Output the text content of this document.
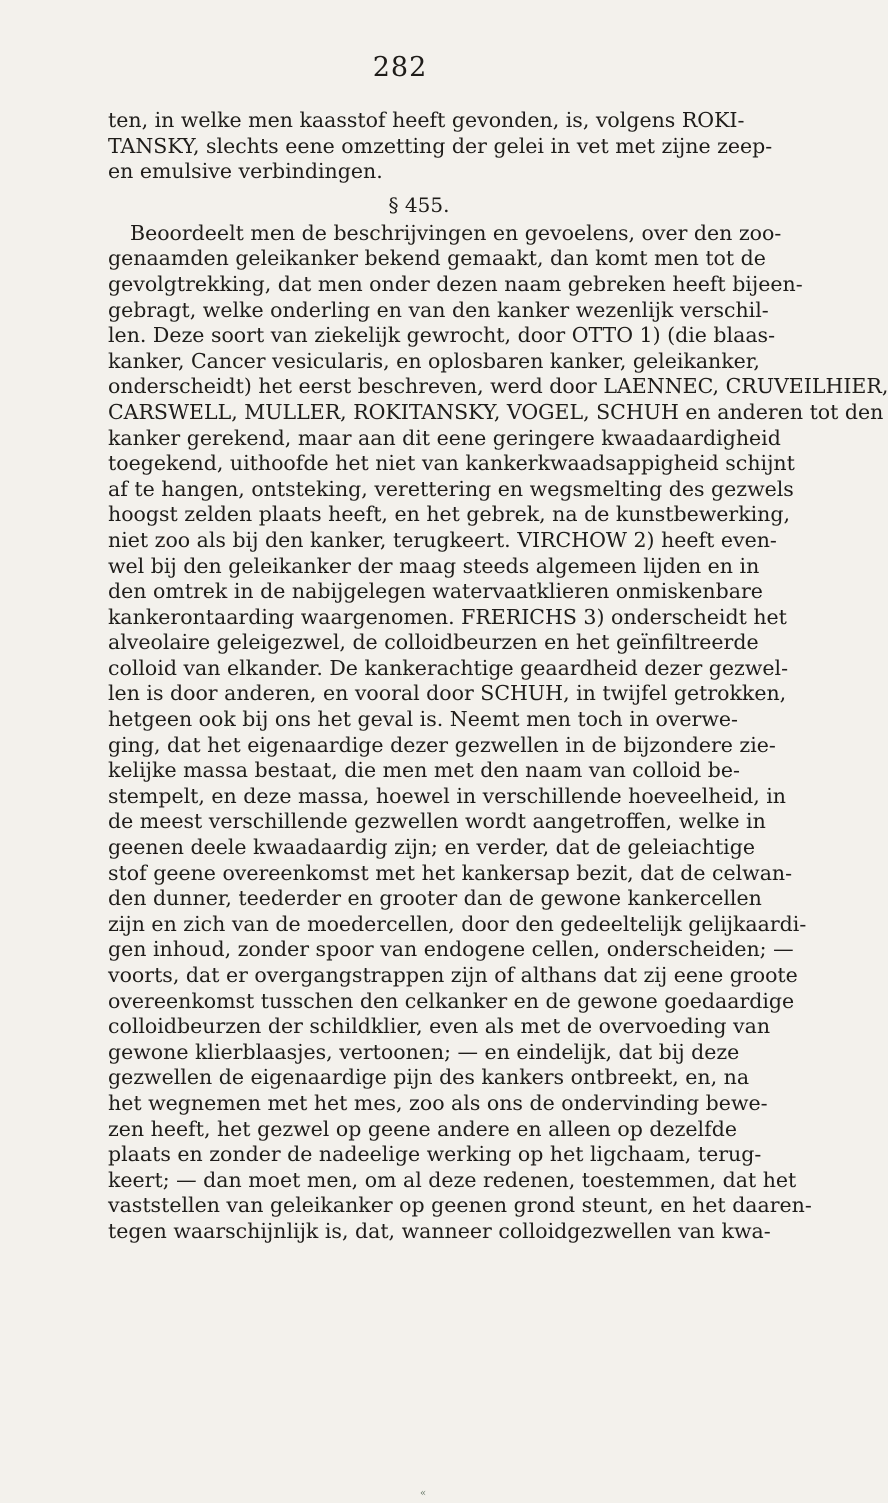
282
ten, in welke men kaasstof heeft gevonden, is, volgens ROKI-
TANSKY, slechts eene omzetting der gelei in vet met zijne zeep-
en emulsive verbindingen.
§ 455.
Beoordeelt men de beschrijvingen en gevoelens, over den zoo-
genaamden geleikanker bekend gemaakt, dan komt men tot de
gevolgtrekking, dat men onder dezen naam gebreken heeft bijeen-
gebragt, welke onderling en van den kanker wezenlijk verschil-
len. Deze soort van ziekelijk gewrocht, door OTTO 1) (die blaas-
kanker, Cancer vesicularis, en oplosbaren kanker, geleikanker,
onderscheidt) het eerst beschreven, werd door LAENNEC, CRUVEILHIER,
CARSWELL, MULLER, ROKITANSKY, VOGEL, SCHUH en anderen tot den
kanker gerekend, maar aan dit eene geringere kwaadaardigheid
toegekend, uithoofde het niet van kankerkwaadsappigheid schijnt
af te hangen, ontsteking, verettering en wegsmelting des gezwels
hoogst zelden plaats heeft, en het gebrek, na de kunstbewerking,
niet zoo als bij den kanker, terugkeert. VIRCHOW 2) heeft even-
wel bij den geleikanker der maag steeds algemeen lijden en in
den omtrek in de nabijgelegen watervaatklieren onmiskenbare
kankerontaarding waargenomen. FRERICHS 3) onderscheidt het
alveolaire geleigezwel, de colloidbeurzen en het geïnfiltreerde
colloid van elkander. De kankerachtige geaardheid dezer gezwel-
len is door anderen, en vooral door SCHUH, in twijfel getrokken,
hetgeen ook bij ons het geval is. Neemt men toch in overwe-
ging, dat het eigenaardige dezer gezwellen in de bijzondere zie-
kelijke massa bestaat, die men met den naam van colloid be-
stempelt, en deze massa, hoewel in verschillende hoeveelheid, in
de meest verschillende gezwellen wordt aangetroffen, welke in
geenen deele kwaadaardig zijn; en verder, dat de geleiachtige
stof geene overeenkomst met het kankersap bezit, dat de celwan-
den dunner, teederder en grooter dan de gewone kankercellen
zijn en zich van de moedercellen, door den gedeeltelijk gelijkaardi-
gen inhoud, zonder spoor van endogene cellen, onderscheiden; —
voorts, dat er overgangstrappen zijn of althans dat zij eene groote
overeenkomst tusschen den celkanker en de gewone goedaardige
colloidbeurzen der schildklier, even als met de overvoeding van
gewone klierblaasjes, vertoonen; — en eindelijk, dat bij deze
gezwellen de eigenaardige pijn des kankers ontbreekt, en, na
het wegnemen met het mes, zoo als ons de ondervinding bewe-
zen heeft, het gezwel op geene andere en alleen op dezelfde
plaats en zonder de nadeelige werking op het ligchaam, terug-
keert; — dan moet men, om al deze redenen, toestemmen, dat het
vaststellen van geleikanker op geenen grond steunt, en het daaren-
tegen waarschijnlijk is, dat, wanneer colloidgezwellen van kwa-
«
